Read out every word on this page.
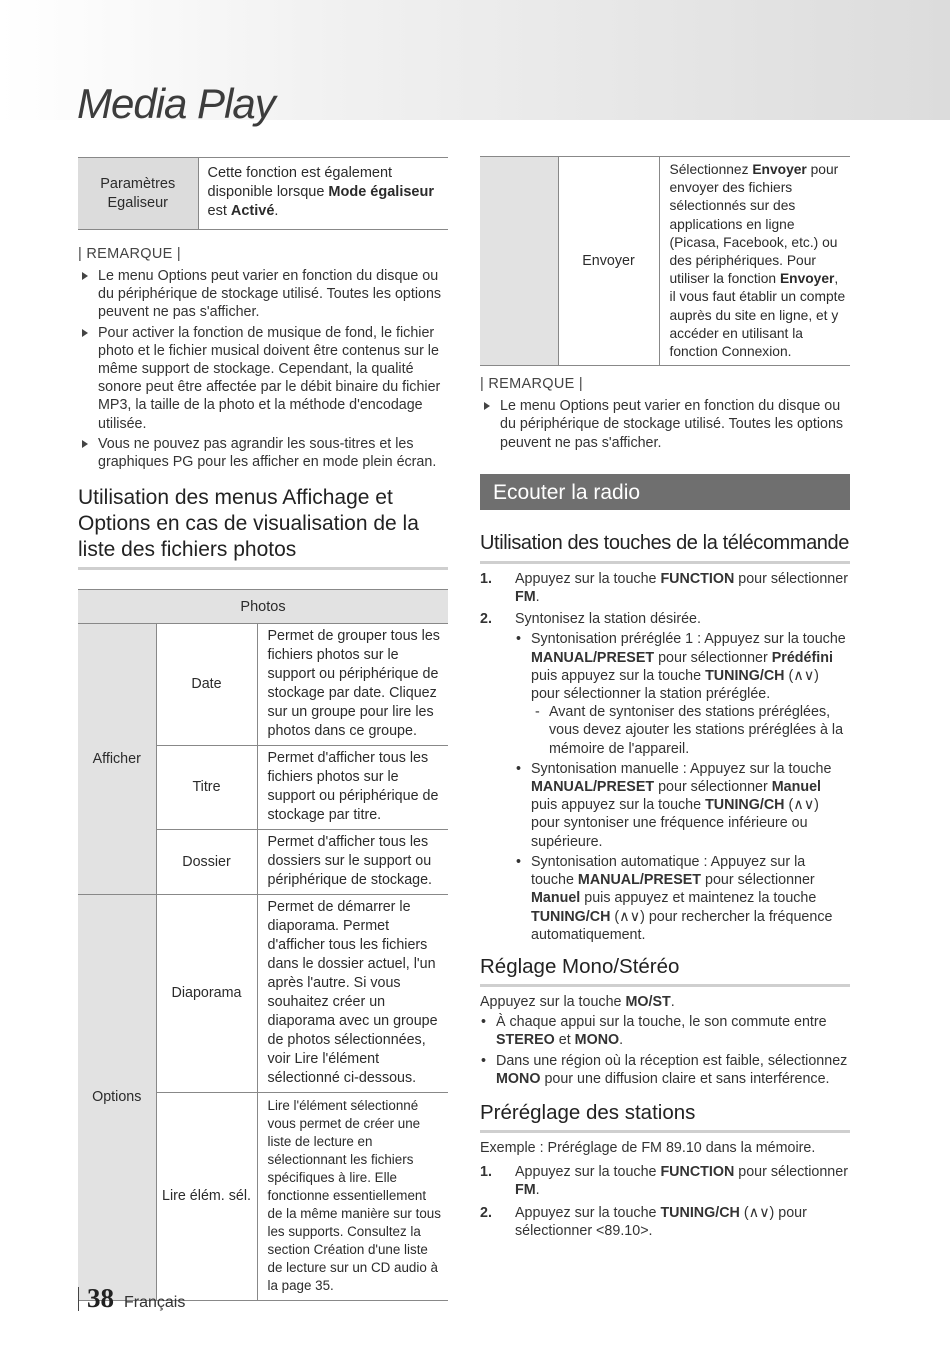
Media Play
Paramètres Egaliseur	Cette fonction est également disponible lorsque Mode égaliseur est Activé.
| REMARQUE |
Le menu Options peut varier en fonction du disque ou du périphérique de stockage utilisé. Toutes les options peuvent ne pas s'afficher.
Pour activer la fonction de musique de fond, le fichier photo et le fichier musical doivent être contenus sur le même support de stockage. Cependant, la qualité sonore peut être affectée par le débit binaire du fichier MP3, la taille de la photo et la méthode d'encodage utilisée.
Vous ne pouvez pas agrandir les sous-titres et les graphiques PG pour les afficher en mode plein écran.
Utilisation des menus Affichage et Options en cas de visualisation de la liste des fichiers photos
Photos		
Afficher	Date	Permet de grouper tous les fichiers photos sur le support ou périphérique de stockage par date. Cliquez sur un groupe pour lire les photos dans ce groupe.
	Titre	Permet d'afficher tous les fichiers photos sur le support ou périphérique de stockage par titre.
	Dossier	Permet d'afficher tous les dossiers sur le support ou périphérique de stockage.
Options	Diaporama	Permet de démarrer le diaporama. Permet d'afficher tous les fichiers dans le dossier actuel, l'un après l'autre. Si vous souhaitez créer un diaporama avec un groupe de photos sélectionnées, voir Lire l'élément sélectionné ci-dessous.
	Lire élém. sél.	Lire l'élément sélectionné vous permet de créer une liste de lecture en sélectionnant les fichiers spécifiques à lire. Elle fonctionne essentiellement de la même manière sur tous les supports. Consultez la section Création d'une liste de lecture sur un CD audio à la page 35.
38 Français
	Envoyer	Sélectionnez Envoyer pour envoyer des fichiers sélectionnés sur des applications en ligne (Picasa, Facebook, etc.) ou des périphériques. Pour utiliser la fonction Envoyer, il vous faut établir un compte auprès du site en ligne, et y accéder en utilisant la fonction Connexion.
| REMARQUE |
Le menu Options peut varier en fonction du disque ou du périphérique de stockage utilisé. Toutes les options peuvent ne pas s'afficher.
Ecouter la radio
Utilisation des touches de la télécommande
1. Appuyez sur la touche FUNCTION pour sélectionner FM.
2. Syntonisez la station désirée.
• Syntonisation préréglée 1 : Appuyez sur la touche MANUAL/PRESET pour sélectionner Prédéfini puis appuyez sur la touche TUNING/CH (∧∨) pour sélectionner la station préréglée.
- Avant de syntoniser des stations préréglées, vous devez ajouter les stations préréglées à la mémoire de l'appareil.
• Syntonisation manuelle : Appuyez sur la touche MANUAL/PRESET pour sélectionner Manuel puis appuyez sur la touche TUNING/CH (∧∨) pour syntoniser une fréquence inférieure ou supérieure.
• Syntonisation automatique : Appuyez sur la touche MANUAL/PRESET pour sélectionner Manuel puis appuyez et maintenez la touche TUNING/CH (∧∨) pour rechercher la fréquence automatiquement.
Réglage Mono/Stéréo
Appuyez sur la touche MO/ST.
• À chaque appui sur la touche, le son commute entre STEREO et MONO.
• Dans une région où la réception est faible, sélectionnez MONO pour une diffusion claire et sans interférence.
Préréglage des stations
Exemple : Préréglage de FM 89.10 dans la mémoire.
1. Appuyez sur la touche FUNCTION pour sélectionner FM.
2. Appuyez sur la touche TUNING/CH (∧∨) pour sélectionner <89.10>.
